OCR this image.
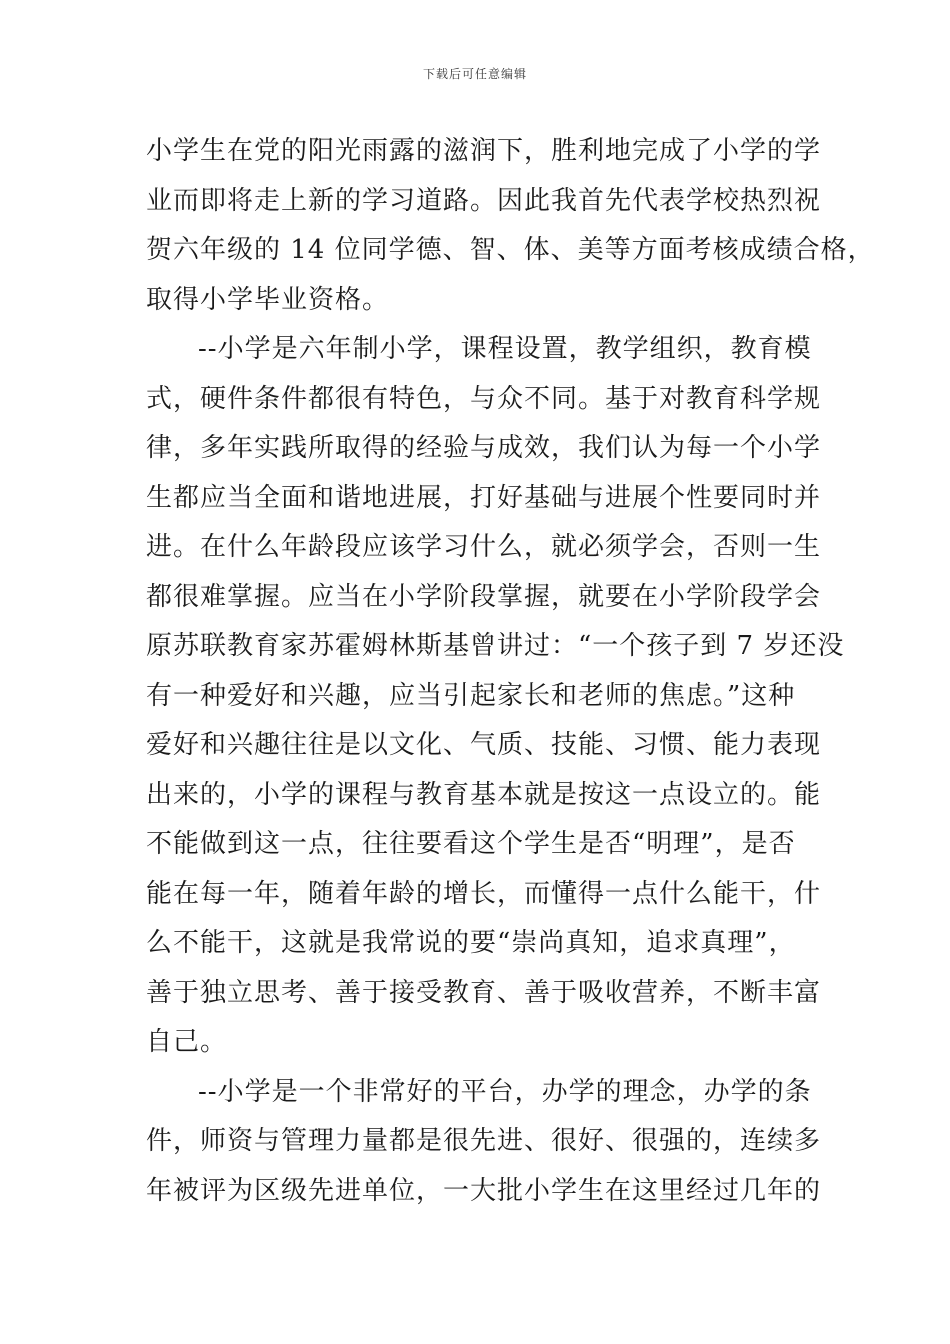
下载后可任意编辑
小学生在党的阳光雨露的滋润下，胜利地完成了小学的学
业而即将走上新的学习道路。因此我首先代表学校热烈祝
贺六年级的 14 位同学德、智、体、美等方面考核成绩合格，
取得小学毕业资格。
--小学是六年制小学，课程设置，教学组织，教育模
式，硬件条件都很有特色，与众不同。基于对教育科学规
律，多年实践所取得的经验与成效，我们认为每一个小学
生都应当全面和谐地进展，打好基础与进展个性要同时并
进。在什么年龄段应该学习什么，就必须学会，否则一生
都很难掌握。应当在小学阶段掌握，就要在小学阶段学会
原苏联教育家苏霍姆林斯基曾讲过：“一个孩子到 7 岁还没
有一种爱好和兴趣，应当引起家长和老师的焦虑。”这种
爱好和兴趣往往是以文化、气质、技能、习惯、能力表现
出来的，小学的课程与教育基本就是按这一点设立的。能
不能做到这一点，往往要看这个学生是否“明理”，是否
能在每一年，随着年龄的增长，而懂得一点什么能干，什
么不能干，这就是我常说的要“崇尚真知，追求真理”，
善于独立思考、善于接受教育、善于吸收营养，不断丰富
自己。
--小学是一个非常好的平台，办学的理念，办学的条
件，师资与管理力量都是很先进、很好、很强的，连续多
年被评为区级先进单位，一大批小学生在这里经过几年的
